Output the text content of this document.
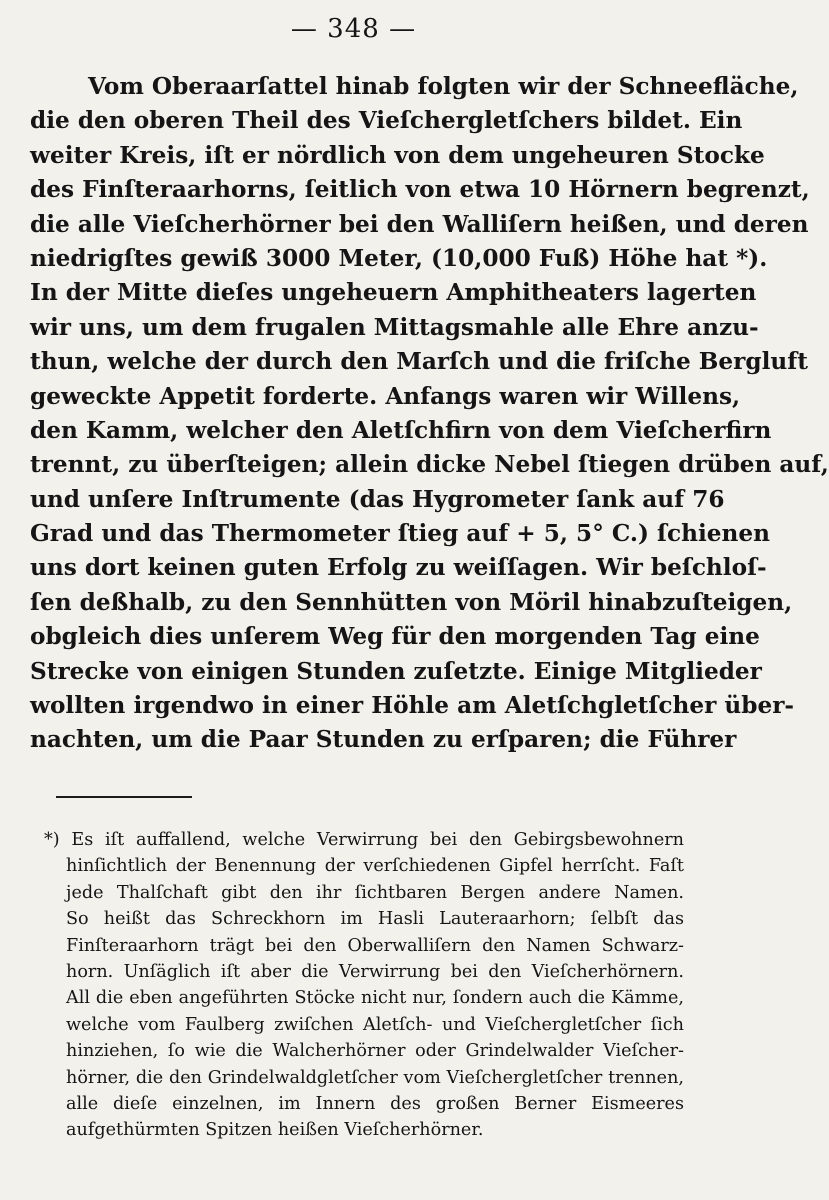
— 348 —
Vom Oberaarſattel hinab folgten wir der Schneefläche,
die den oberen Theil des Vieſchergletſchers bildet. Ein
weiter Kreis, iſt er nördlich von dem ungeheuren Stocke
des Finſteraarhorns, ſeitlich von etwa 10 Hörnern begrenzt,
die alle Vieſcherhörner bei den Walliſern heißen, und deren
niedrigſtes gewiß 3000 Meter, (10,000 Fuß) Höhe hat *).
In der Mitte dieſes ungeheuern Amphitheaters lagerten
wir uns, um dem frugalen Mittagsmahle alle Ehre anzu-
thun, welche der durch den Marſch und die friſche Bergluft
geweckte Appetit forderte. Anfangs waren wir Willens,
den Kamm, welcher den Aletſchfirn von dem Vieſcherfirn
trennt, zu überſteigen; allein dicke Nebel ſtiegen drüben auf,
und unſere Inſtrumente (das Hygrometer ſank auf 76
Grad und das Thermometer ſtieg auf + 5, 5° C.) ſchienen
uns dort keinen guten Erfolg zu weiſſagen. Wir beſchloſ-
ſen deßhalb, zu den Sennhütten von Möril hinabzuſteigen,
obgleich dies unſerem Weg für den morgenden Tag eine
Strecke von einigen Stunden zuſetzte. Einige Mitglieder
wollten irgendwo in einer Höhle am Aletſchgletſcher über-
nachten, um die Paar Stunden zu erſparen; die Führer
*) Es iſt auffallend, welche Verwirrung bei den Gebirgsbewohnern
hinſichtlich der Benennung der verſchiedenen Gipfel herrſcht. Faſt
jede Thalſchaft gibt den ihr ſichtbaren Bergen andere Namen.
So heißt das Schreckhorn im Hasli Lauteraarhorn; ſelbſt das
Finſteraarhorn trägt bei den Oberwalliſern den Namen Schwarz-
horn. Unſäglich iſt aber die Verwirrung bei den Vieſcherhörnern.
All die eben angeführten Stöcke nicht nur, ſondern auch die Kämme,
welche vom Faulberg zwiſchen Aletſch- und Vieſchergletſcher ſich
hinziehen, ſo wie die Walcherhörner oder Grindelwalder Vieſcher-
hörner, die den Grindelwaldgletſcher vom Vieſchergletſcher trennen,
alle dieſe einzelnen, im Innern des großen Berner Eismeeres
aufgethürmten Spitzen heißen Vieſcherhörner.
